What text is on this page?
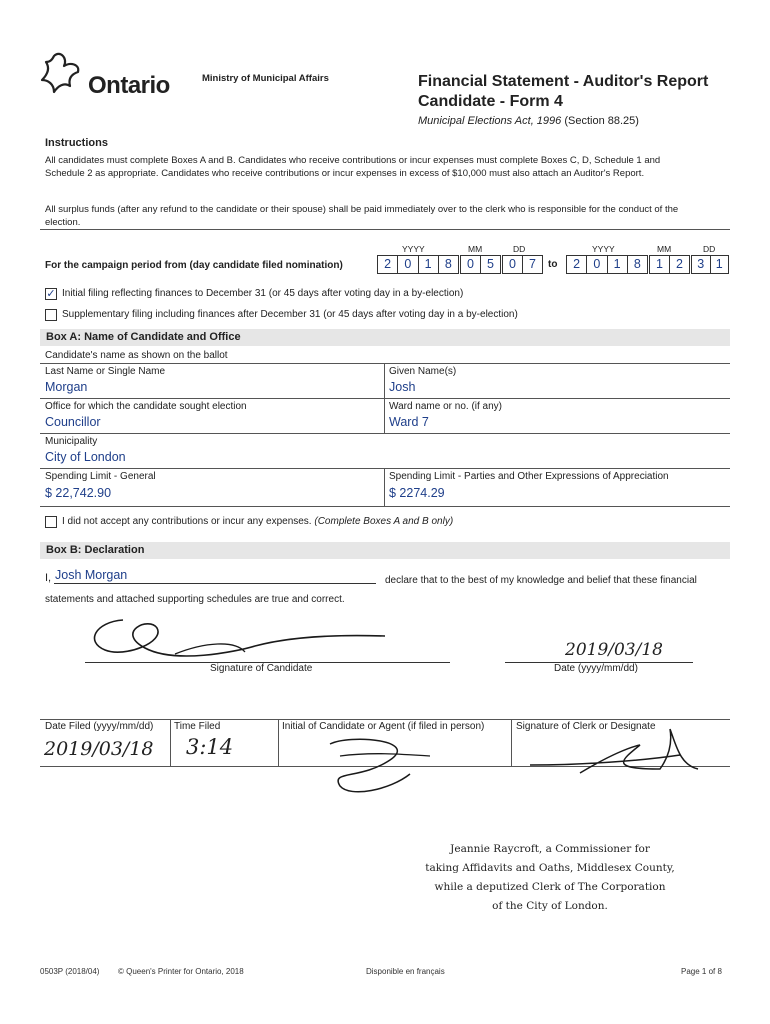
Ontario	Ministry of Municipal Affairs	Financial Statement - Auditor's Report
Candidate - Form 4
Municipal Elections Act, 1996 (Section 88.25)
Instructions
All candidates must complete Boxes A and B. Candidates who receive contributions or incur expenses must complete Boxes C, D, Schedule 1 and Schedule 2 as appropriate. Candidates who receive contributions or incur expenses in excess of $10,000 must also attach an Auditor's Report.
All surplus funds (after any refund to the candidate or their spouse) shall be paid immediately over to the clerk who is responsible for the conduct of the election.
YYYY	MM	DD	YYYY	MM	DD
For the campaign period from (day candidate filed nomination)	2	0	1	8	0	5	0	7	to	2	0	1	8	1	2	3 1
✓ Initial filing reflecting finances to December 31 (or 45 days after voting day in a by-election)
Supplementary filing including finances after December 31 (or 45 days after voting day in a by-election)
Box A: Name of Candidate and Office
Candidate's name as shown on the ballot
Last Name or Single Name
Morgan
Given Name(s)
Josh
Office for which the candidate sought election
Councillor
Ward name or no. (if any)
Ward 7
Municipality
City of London
Spending Limit - General
$ 22,742.90
Spending Limit - Parties and Other Expressions of Appreciation
$ 2274.29
I did not accept any contributions or incur any expenses. (Complete Boxes A and B only)
Box B: Declaration
I, Josh Morgan	declare that to the best of my knowledge and belief that these financial
statements and attached supporting schedules are true and correct.
Signature of Candidate
2019/03/18
Date (yyyy/mm/dd)
Date Filed (yyyy/mm/dd)
2019/03/18
Time Filed
3:14
Initial of Candidate or Agent (if filed in person)	Signature of Clerk or Designate
Jeannie Raycroft, a Commissioner for
taking Affidavits and Oaths, Middlesex County,
while a deputized Clerk of The Corporation
of the City of London.
0503P (2018/04) © Queen's Printer for Ontario, 2018	Disponible en français	Page 1 of 8
